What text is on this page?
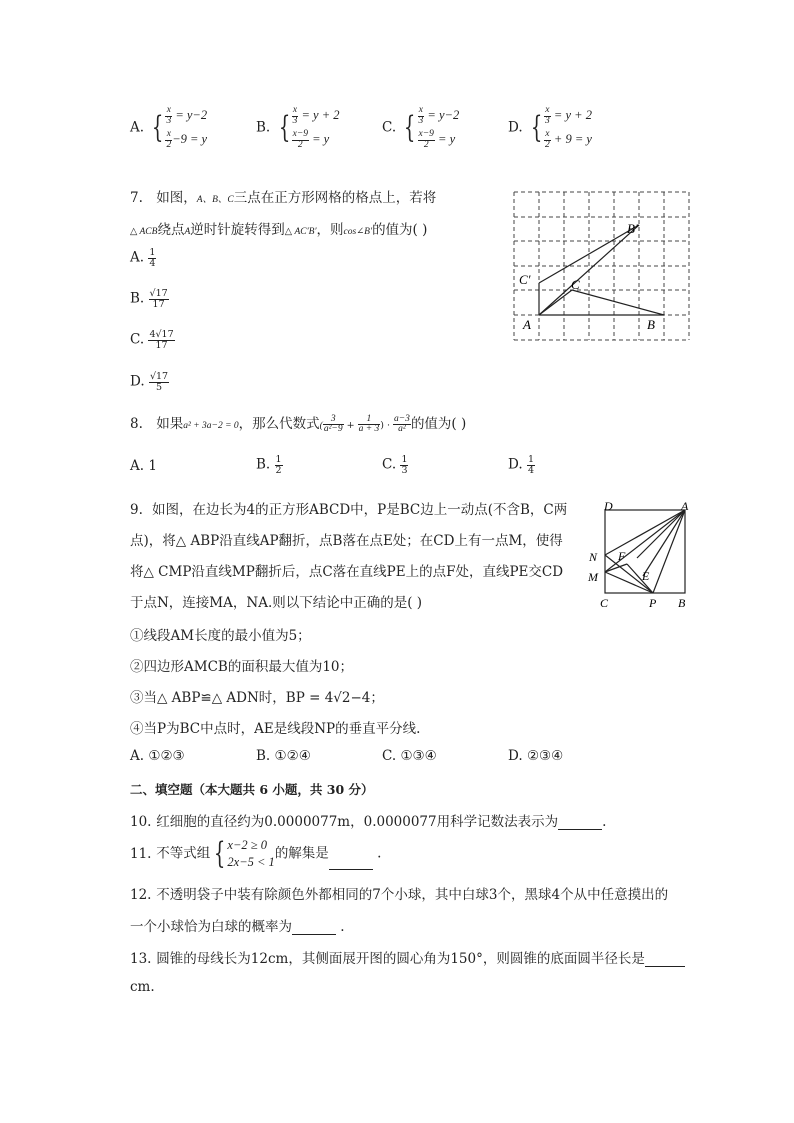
A. { $\frac{x}{3} = y-2$
$\frac{x}{2} -9 = y$
B. { $\frac{x}{3} = y + 2$
$\frac{x-9}{2} = y$
C. { $\frac{x}{3} = y-2$
$\frac{x-9}{2} = y$
D. { $\frac{x}{3} = y + 2$
$\frac{x}{2} + 9 = y$
7. 如图，A、B、C三点在正方形网格的格点上，若将
△ ACB绕点A逆时针旋转得到△ AC′B′，则cos∠B′的值为( )
A. $\frac{1}{4}$
B. $\frac{√17}{17}$
C. $\frac{4√17}{17}$
D. $\frac{√17}{5}$
B′
C′	C
A	B
8. 如果a² + 3a−2 = 0，那么代数式( $\frac{3}{\text{a²−9}} + \frac{1}{a + 3}$ ) · $\frac{a-3}{\text{a²}}$ 的值为( )
A. 1	B. $\frac{1}{2}$	C. $\frac{1}{3}$	D. $\frac{1}{4}$
9. 如图，在边长为4的正方形ABCD中，P是BC边上一动点(不含B，C两
点)，将△ ABP沿直线AP翻折，点B落在点E处；在CD上有一点M，使得
将△ CMP沿直线MP翻折后，点C落在直线PE上的点F处，直线PE交CD
于点N，连接MA，NA.则以下结论中正确的是( )
①线段AM长度的最小值为5；
②四边形AMCB的面积最大值为10；
③当△ ABP≌△ ADN时，BP = 4√2−4；
④当P为BC中点时，AE是线段NP的垂直平分线.
A. ①②③	B. ①②④	C. ①③④	D. ②③④
D	A
N F
M	E
C	P B
二、填空题（本大题共 6 小题，共 30 分）
10. 红细胞的直径约为0.0000077m，0.0000077用科学记数法表示为	.
11. 不等式组 { x−2 ≥ 0
2x−5 < 1
的解集是	.
12. 不透明袋子中装有除颜色外都相同的7个小球，其中白球3个，黑球4个从中任意摸出的
一个小球恰为白球的概率为	.
13. 圆锥的母线长为12cm，其侧面展开图的圆心角为150°，则圆锥的底面圆半径长是
cm.
